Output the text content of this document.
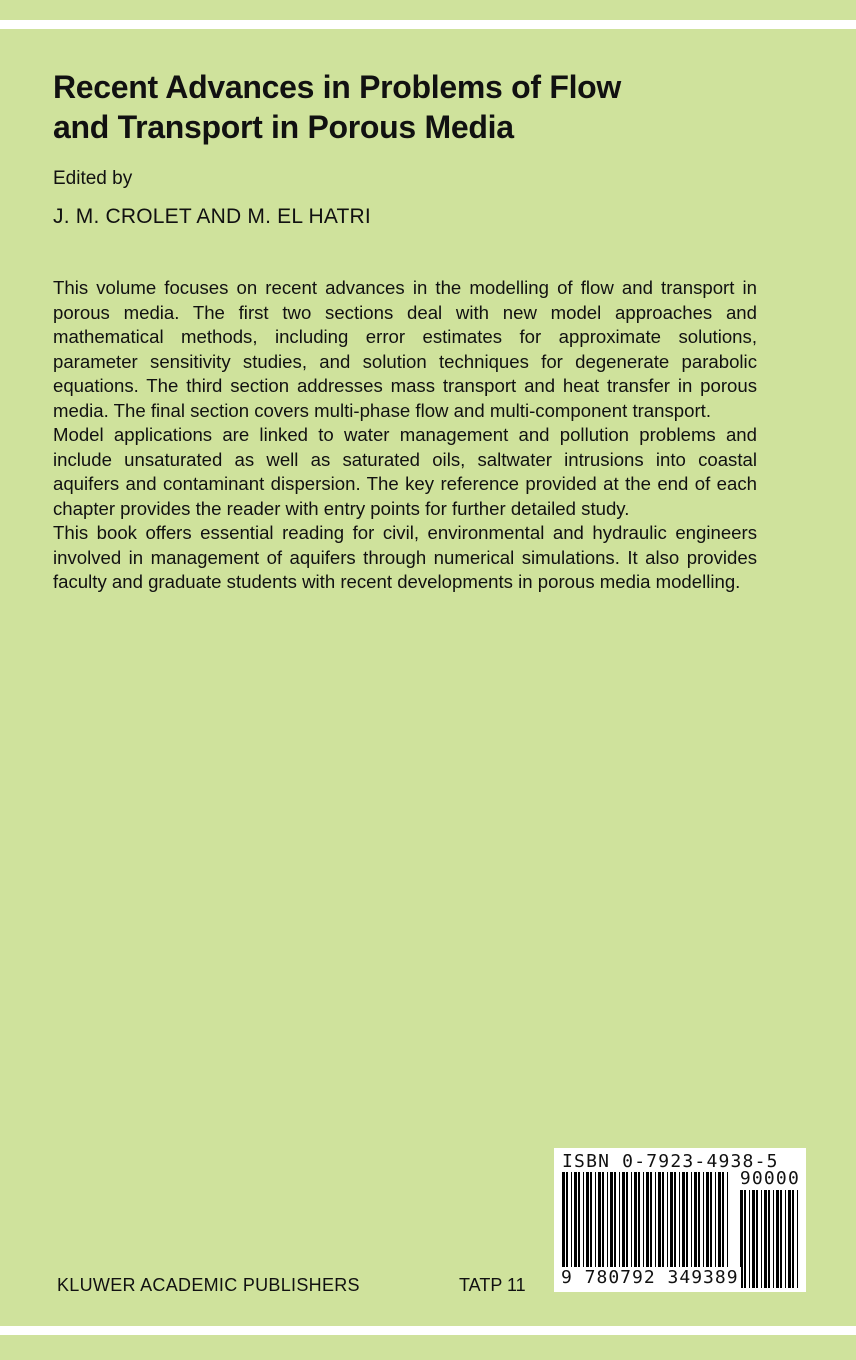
Recent Advances in Problems of Flow
and Transport in Porous Media
Edited by
J. M. CROLET AND M. EL HATRI

This volume focuses on recent advances in the modelling of flow and transport in porous media. The first two sections deal with new model approaches and mathematical methods, including error estimates for approximate solutions, parameter sensitivity studies, and solution techniques for degenerate parabolic equations. The third section addresses mass transport and heat transfer in porous media. The final section covers multi-phase flow and multi-component transport.

Model applications are linked to water management and pollution problems and include unsaturated as well as saturated oils, saltwater intrusions into coastal aquifers and contaminant dispersion. The key reference provided at the end of each chapter provides the reader with entry points for further detailed study.

This book offers essential reading for civil, environmental and hydraulic engineers involved in management of aquifers through numerical simulations. It also provides faculty and graduate students with recent developments in porous media modelling.

KLUWER ACADEMIC PUBLISHERS	TATP 11
ISBN 0-7923-4938-5
90000
9 780792 349389
